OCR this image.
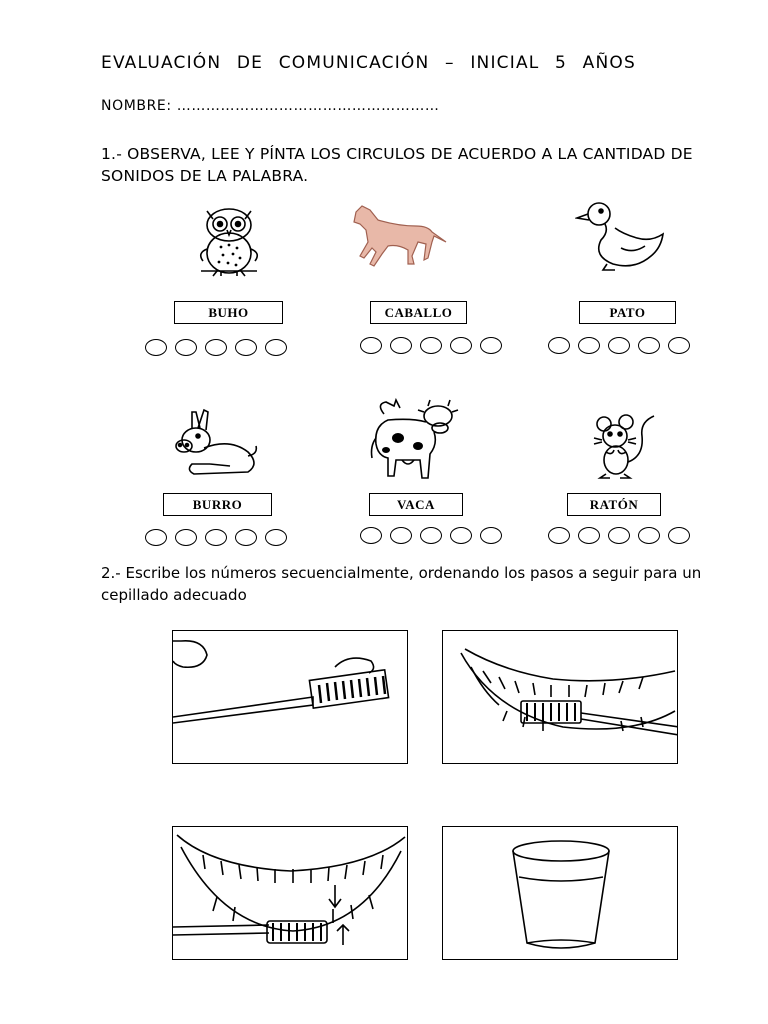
EVALUACIÓN DE COMUNICACIÓN – INICIAL 5 AÑOS
NOMBRE: ………………………………………………
1.- OBSERVA, LEE Y PÍNTA LOS CIRCULOS DE ACUERDO A LA CANTIDAD DE SONIDOS DE LA PALABRA.
BUHO	CABALLO	PATO
BURRO	VACA	RATÓN
2.- Escribe los números secuencialmente, ordenando los pasos a seguir para un cepillado adecuado
